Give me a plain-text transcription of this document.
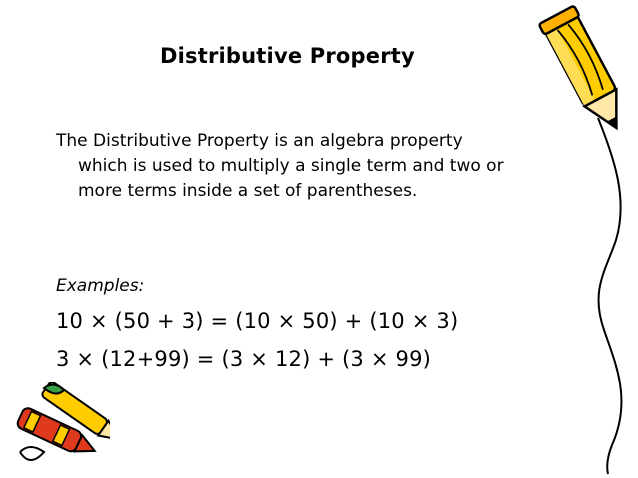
Distributive Property
The Distributive Property is an algebra property
which is used to multiply a single term and two or
more terms inside a set of parentheses.
Examples:
10 × (50 + 3) = (10 × 50) + (10 × 3)
3 × (12+99) = (3 × 12) + (3 × 99)
